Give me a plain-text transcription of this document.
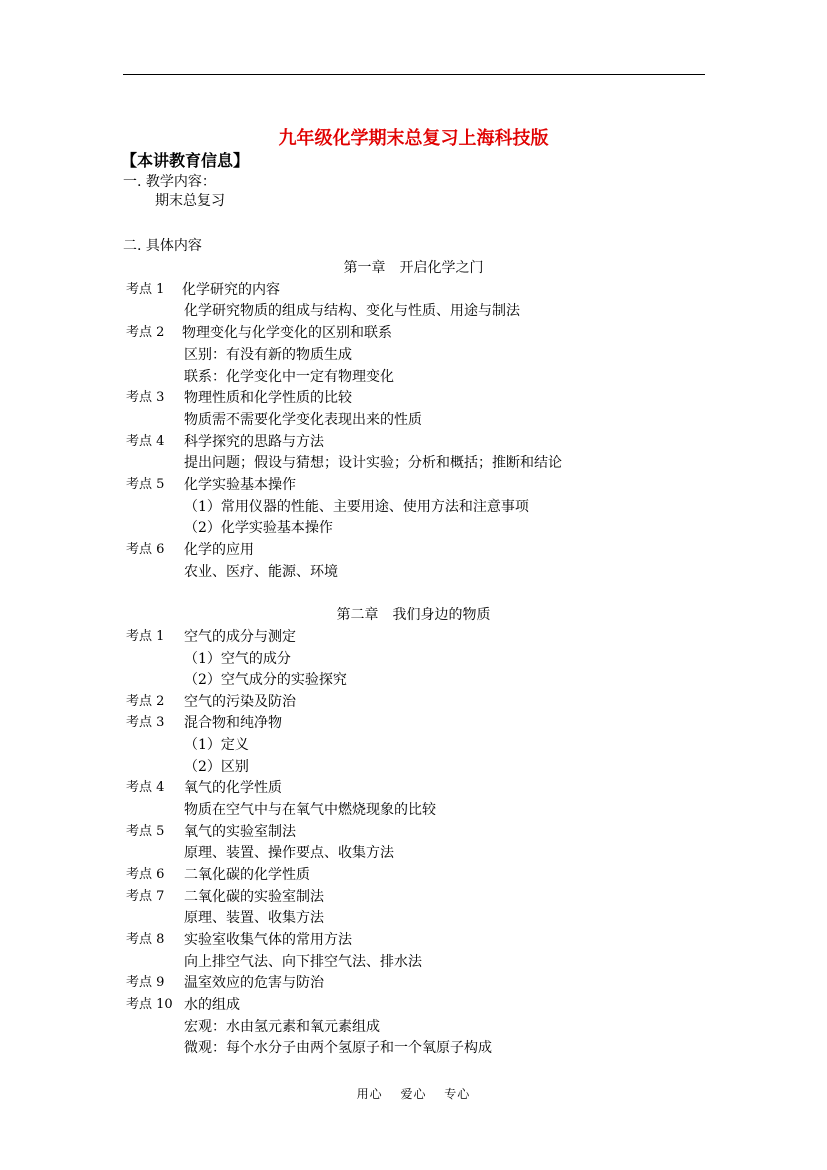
九年级化学期末总复习上海科技版
【本讲教育信息】
一. 教学内容：
期末总复习
二. 具体内容
第一章　开启化学之门
考点 1 化学研究的内容
化学研究物质的组成与结构、变化与性质、用途与制法
考点 2 物理变化与化学变化的区别和联系
区别：有没有新的物质生成
联系：化学变化中一定有物理变化
考点 3 物理性质和化学性质的比较
物质需不需要化学变化表现出来的性质
考点 4 科学探究的思路与方法
提出问题；假设与猜想；设计实验；分析和概括；推断和结论
考点 5 化学实验基本操作
（1）常用仪器的性能、主要用途、使用方法和注意事项
（2）化学实验基本操作
考点 6 化学的应用
农业、医疗、能源、环境
第二章　我们身边的物质
考点 1 空气的成分与测定
（1）空气的成分
（2）空气成分的实验探究
考点 2 空气的污染及防治
考点 3 混合物和纯净物
（1）定义
（2）区别
考点 4 氧气的化学性质
物质在空气中与在氧气中燃烧现象的比较
考点 5 氧气的实验室制法
原理、装置、操作要点、收集方法
考点 6 二氧化碳的化学性质
考点 7 二氧化碳的实验室制法
原理、装置、收集方法
考点 8 实验室收集气体的常用方法
向上排空气法、向下排空气法、排水法
考点 9 温室效应的危害与防治
考点 10 水的组成
宏观：水由氢元素和氧元素组成
微观：每个水分子由两个氢原子和一个氧原子构成
用心　 爱心　 专心
